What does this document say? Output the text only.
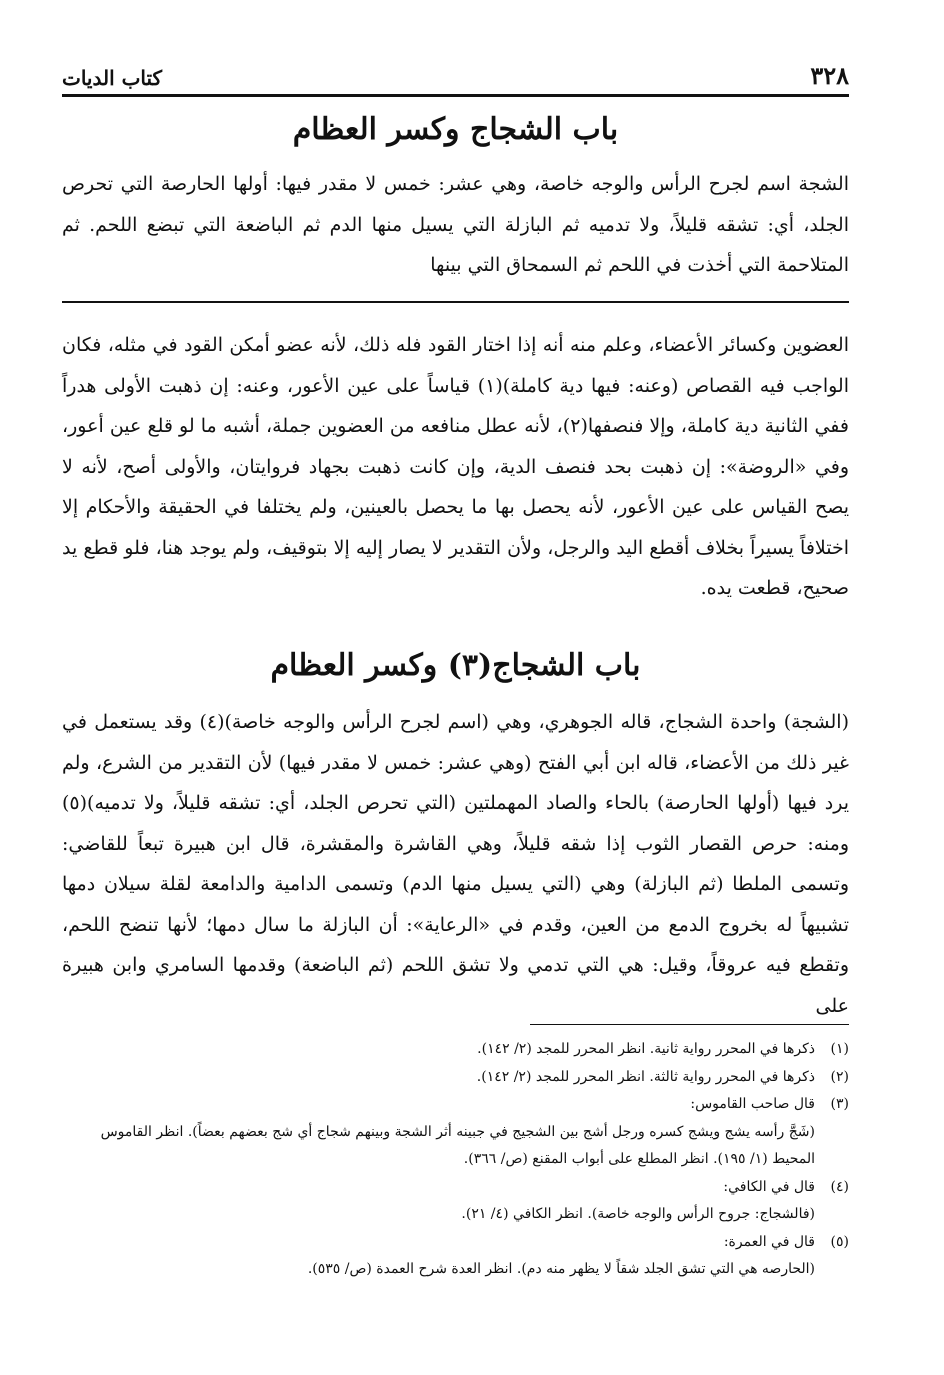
٣٢٨
كتاب الديات
باب الشجاج وكسر العظام

الشجة اسم لجرح الرأس والوجه خاصة، وهي عشر: خمس لا مقدر فيها: أولها الحارصة التي تحرص الجلد، أي: تشقه قليلاً، ولا تدميه ثم البازلة التي يسيل منها الدم ثم الباضعة التي تبضع اللحم. ثم المتلاحمة التي أخذت في اللحم ثم السمحاق التي بينها

العضوين وكسائر الأعضاء، وعلم منه أنه إذا اختار القود فله ذلك، لأنه عضو أمكن القود في مثله، فكان الواجب فيه القصاص (وعنه: فيها دية كاملة)(١) قياساً على عين الأعور، وعنه: إن ذهبت الأولى هدراً ففي الثانية دية كاملة، وإلا فنصفها(٢)، لأنه عطل منافعه من العضوين جملة، أشبه ما لو قلع عين أعور، وفي «الروضة»: إن ذهبت بحد فنصف الدية، وإن كانت ذهبت بجهاد فروايتان، والأولى أصح، لأنه لا يصح القياس على عين الأعور، لأنه يحصل بها ما يحصل بالعينين، ولم يختلفا في الحقيقة والأحكام إلا اختلافاً يسيراً بخلاف أقطع اليد والرجل، ولأن التقدير لا يصار إليه إلا بتوقيف، ولم يوجد هنا، فلو قطع يد صحيح، قطعت يده.

باب الشجاج(٣) وكسر العظام

(الشجة) واحدة الشجاج، قاله الجوهري، وهي (اسم لجرح الرأس والوجه خاصة)(٤) وقد يستعمل في غير ذلك من الأعضاء، قاله ابن أبي الفتح (وهي عشر: خمس لا مقدر فيها) لأن التقدير من الشرع، ولم يرد فيها (أولها الحارصة) بالحاء والصاد المهملتين (التي تحرص الجلد، أي: تشقه قليلاً، ولا تدميه)(٥) ومنه: حرص القصار الثوب إذا شقه قليلاً، وهي القاشرة والمقشرة، قال ابن هبيرة تبعاً للقاضي: وتسمى الملطا (ثم البازلة) وهي (التي يسيل منها الدم) وتسمى الدامية والدامعة لقلة سيلان دمها تشبيهاً له بخروج الدمع من العين، وقدم في «الرعاية»: أن البازلة ما سال دمها؛ لأنها تنضح اللحم، وتقطع فيه عروقاً، وقيل: هي التي تدمي ولا تشق اللحم (ثم الباضعة) وقدمها السامري وابن هبيرة على

(١)ذكرها في المحرر رواية ثانية. انظر المحرر للمجد (٢/ ١٤٢).
(٢)ذكرها في المحرر رواية ثالثة. انظر المحرر للمجد (٢/ ١٤٢).
(٣)قال صاحب القاموس:
(شَجَّ رأسه يشج ويشج كسره ورجل أشج بين الشجيج في جبينه أثر الشجة وبينهم شجاج أي شج بعضهم بعضاً). انظر القاموس المحيط (١/ ١٩٥). انظر المطلع على أبواب المقنع (ص/ ٣٦٦).
(٤)قال في الكافي:
(فالشجاج: جروح الرأس والوجه خاصة). انظر الكافي (٤/ ٢١).
(٥)قال في العمرة:
(الحارصه هي التي تشق الجلد شقاً لا يظهر منه دم). انظر العدة شرح العمدة (ص/ ٥٣٥).
